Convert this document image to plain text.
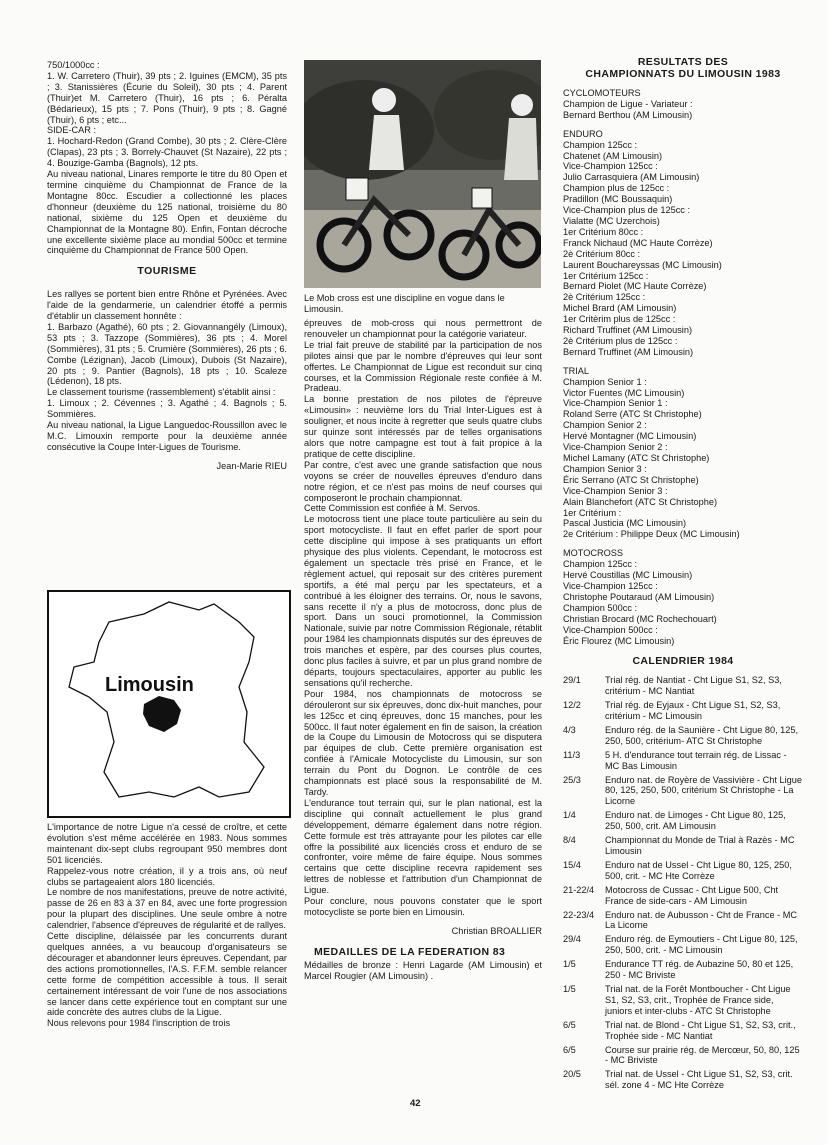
750/1000cc :

1. W. Carretero (Thuir), 39 pts ; 2. Iguines (EMCM), 35 pts ; 3. Stanissières (Écurie du Soleil), 30 pts ; 4. Parent (Thuir)et M. Carretero (Thuir), 16 pts ; 6. Péralta (Bédarieux), 15 pts ; 7. Pons (Thuir), 9 pts ; 8. Gagné (Thuir), 6 pts ; etc...

SIDE-CAR :

1. Hochard-Redon (Grand Combe), 30 pts ; 2. Clère-Clère (Clapas), 23 pts ; 3. Borrely-Chauvet (St Nazaire), 22 pts ; 4. Bouzige-Gamba (Bagnols), 12 pts.

Au niveau national, Linares remporte le titre du 80 Open et termine cinquième du Championnat de France de la Montagne 80cc. Escudier a collectionné les places d'honneur (deuxième du 125 national, troisième du 80 national, sixième du 125 Open et deuxième du Championnat de la Montagne 80). Enfin, Fontan décroche une excellente sixième place au mondial 500cc et termine cinquième du Championnat de France 500 Open.

TOURISME

Les rallyes se portent bien entre Rhône et Pyrénées. Avec l'aide de la gendarmerie, un calendrier étoffé a permis d'établir un classement honnête :

1. Barbazo (Agathé), 60 pts ; 2. Giovannangély (Limoux), 53 pts ; 3. Tazzope (Sommières), 36 pts ; 4. Morel (Sommières), 31 pts ; 5. Crumière (Sommières), 26 pts ; 6. Combe (Lézignan), Jacob (Limoux), Dubois (St Nazaire), 20 pts ; 9. Pantier (Bagnols), 18 pts ; 10. Scaleze (Lédenon), 18 pts.

Le classement tourisme (rassemblement) s'établit ainsi :

1. Limoux ; 2. Cévennes ; 3. Agathé ; 4. Bagnols ; 5. Sommières.

Au niveau national, la Ligue Languedoc-Roussillon avec le M.C. Limouxin remporte pour la deuxième année consécutive la Coupe Inter-Ligues de Tourisme.

Jean-Marie RIEU
Limousin

L'importance de notre Ligue n'a cessé de croître, et cette évolution s'est même accélérée en 1983. Nous sommes maintenant dix-sept clubs regroupant 950 membres dont 501 licenciés.

Rappelez-vous notre création, il y a trois ans, où neuf clubs se partageaient alors 180 licenciés.

Le nombre de nos manifestations, preuve de notre activité, passe de 26 en 83 à 37 en 84, avec une forte progression pour la plupart des disciplines. Une seule ombre à notre calendrier, l'absence d'épreuves de régularité et de rallyes.

Cette discipline, délaissée par les concurrents durant quelques années, a vu beaucoup d'organisateurs se décourager et abandonner leurs épreuves. Cependant, par des actions promotionnelles, l'A.S. F.F.M. semble relancer cette forme de compétition accessible à tous. Il serait certainement intéressant de voir l'une de nos associations se lancer dans cette expérience tout en comptant sur une aide concrète des autres clubs de la Ligue.

Nous relevons pour 1984 l'inscription de trois

Le Mob cross est une discipline en vogue dans le Limousin.

épreuves de mob-cross qui nous permettront de renouveler un championnat pour la catégorie variateur.

Le trial fait preuve de stabilité par la participation de nos pilotes ainsi que par le nombre d'épreuves qui leur sont offertes. Le Championnat de Ligue est reconduit sur cinq courses, et la Commission Régionale reste confiée à M. Pradeau.

La bonne prestation de nos pilotes de l'épreuve «Limousin» : neuvième lors du Trial Inter-Ligues est à souligner, et nous incite à regretter que seuls quatre clubs sur quinze sont intéressés par de telles organisations alors que notre campagne est tout à fait propice à la pratique de cette discipline.

Par contre, c'est avec une grande satisfaction que nous voyons se créer de nouvelles épreuves d'enduro dans notre région, et ce n'est pas moins de neuf courses qui composeront le prochain championnat.

Cette Commission est confiée à M. Servos.

Le motocross tient une place toute particulière au sein du sport motocycliste. Il faut en effet parler de sport pour cette discipline qui impose à ses pratiquants un effort physique des plus violents. Cependant, le motocross est également un spectacle très prisé en France, et le règlement actuel, qui reposait sur des critères purement sportifs, a été mal perçu par les spectateurs, et a contribué à les éloigner des terrains. Or, nous le savons, sans recette il n'y a plus de motocross, donc plus de sport. Dans un souci promotionnel, la Commission Nationale, suivie par notre Commission Régionale, rétablit pour 1984 les championnats disputés sur des épreuves de trois manches et espère, par des courses plus courtes, donc plus faciles à suivre, et par un plus grand nombre de départs, toujours spectaculaires, apporter au public les sensations qu'il recherche.

Pour 1984, nos championnats de motocross se dérouleront sur six épreuves, donc dix-huit manches, pour les 125cc et cinq épreuves, donc 15 manches, pour les 500cc. Il faut noter également en fin de saison, la création de la Coupe du Limousin de Motocross qui se disputera par équipes de club. Cette première organisation est confiée à l'Amicale Motocycliste du Limousin, sur son terrain du Pont du Dognon. Le contrôle de ces championnats est placé sous la responsabilité de M. Tardy.

L'endurance tout terrain qui, sur le plan national, est la discipline qui connaît actuellement le plus grand développement, démarre également dans notre région. Cette formule est très attrayante pour les pilotes car elle offre la possibilité aux licenciés cross et enduro de se confronter, voire même de faire équipe. Nous sommes certains que cette discipline recevra rapidement ses lettres de noblesse et l'attribution d'un Championnat de Ligue.

Pour conclure, nous pouvons constater que le sport motocycliste se porte bien en Limousin.

Christian BROALLIER
MEDAILLES DE LA FEDERATION 83

Médailles de bronze : Henri Lagarde (AM Limousin) et Marcel Rougier (AM Limousin) .

RESULTATS DES
CHAMPIONNATS DU LIMOUSIN 1983
CYCLOMOTEURS
Champion de Ligue - Variateur :
Bernard Berthou (AM Limousin)
ENDURO
Champion 125cc :
Chatenet (AM Limousin)
Vice-Champion 125cc :
Julio Carrasquiera (AM Limousin)
Champion plus de 125cc :
Pradillon (MC Boussaquin)
Vice-Champion plus de 125cc :
Vialatte (MC Uzerchois)
1er Critérium 80cc :
Franck Nichaud (MC Haute Corrèze)
2è Critérium 80cc :
Laurent Bouchareyssas (MC Limousin)
1er Critérium 125cc :
Bernard Piolet (MC Haute Corrèze)
2è Critérium 125cc :
Michel Brard (AM Limousin)
1er Critèrim plus de 125cc :
Richard Truffinet (AM Limousin)
2è Critérium plus de 125cc :
Bernard Truffinet (AM Limousin)
TRIAL
Champion Senior 1 :
Victor Fuentes (MC Limousin)
Vice-Champion Senior 1 :
Roland Serre (ATC St Christophe)
Champion Senior 2 :
Hervé Montagner (MC Limousin)
Vice-Champion Senior 2 :
Michel Lamany (ATC St Christophe)
Champion Senior 3 :
Éric Serrano (ATC St Christophe)
Vice-Champion Senior 3 :
Alain Blanchefort (ATC St Christophe)
1er Critérium :
Pascal Justicia (MC Limousin)
2e Critérium : Philippe Deux (MC Limousin)
MOTOCROSS
Champion 125cc :
Hervé Coustillas (MC Limousin)
Vice-Champion 125cc :
Christophe Poutaraud (AM Limousin)
Champion 500cc :
Christian Brocard (MC Rochechouart)
Vice-Champion 500cc :
Éric Flourez (MC Limousin)
CALENDRIER 1984
29/1	Trial rég. de Nantiat - Cht Ligue S1, S2, S3, critérium - MC Nantiat
12/2	Trial rég. de Eyjaux - Cht Ligue S1, S2, S3, critérium - MC Limousin
4/3	Enduro rég. de la Saunière - Cht Ligue 80, 125, 250, 500, critérium- ATC St Christophe
11/3	5 H. d'endurance tout terrain rég. de Lissac - MC Bas Limousin
25/3	Enduro nat. de Royère de Vassivière - Cht Ligue 80, 125, 250, 500, critérium St Christophe - La Licorne
1/4	Enduro nat. de Limoges - Cht Ligue 80, 125, 250, 500, crit. AM Limousin
8/4	Championnat du Monde de Trial à Razès - MC Limousin
15/4	Enduro nat de Ussel - Cht Ligue 80, 125, 250, 500, crit. - MC Hte Corrèze
21-22/4	Motocross de Cussac - Cht Ligue 500, Cht France de side-cars - AM Limousin
22-23/4	Enduro nat. de Aubusson - Cht de France - MC La Licorne
29/4	Enduro rég. de Eymoutiers - Cht Ligue 80, 125, 250, 500, crit. - MC Limousin
1/5	Endurance TT rég. de Aubazine 50, 80 et 125, 250 - MC Briviste
1/5	Trial nat. de la Forêt Montboucher - Cht Ligue S1, S2, S3, crit., Trophée de France side, juniors et inter-clubs - ATC St Christophe
6/5	Trial nat. de Blond - Cht Ligue S1, S2, S3, crit., Trophée side - MC Nantiat
6/5	Course sur prairie rég. de Mercœur, 50, 80, 125 - MC Briviste
20/5	Trial nat. de Ussel - Cht Ligue S1, S2, S3, crit. sél. zone 4 - MC Hte Corrèze
42
